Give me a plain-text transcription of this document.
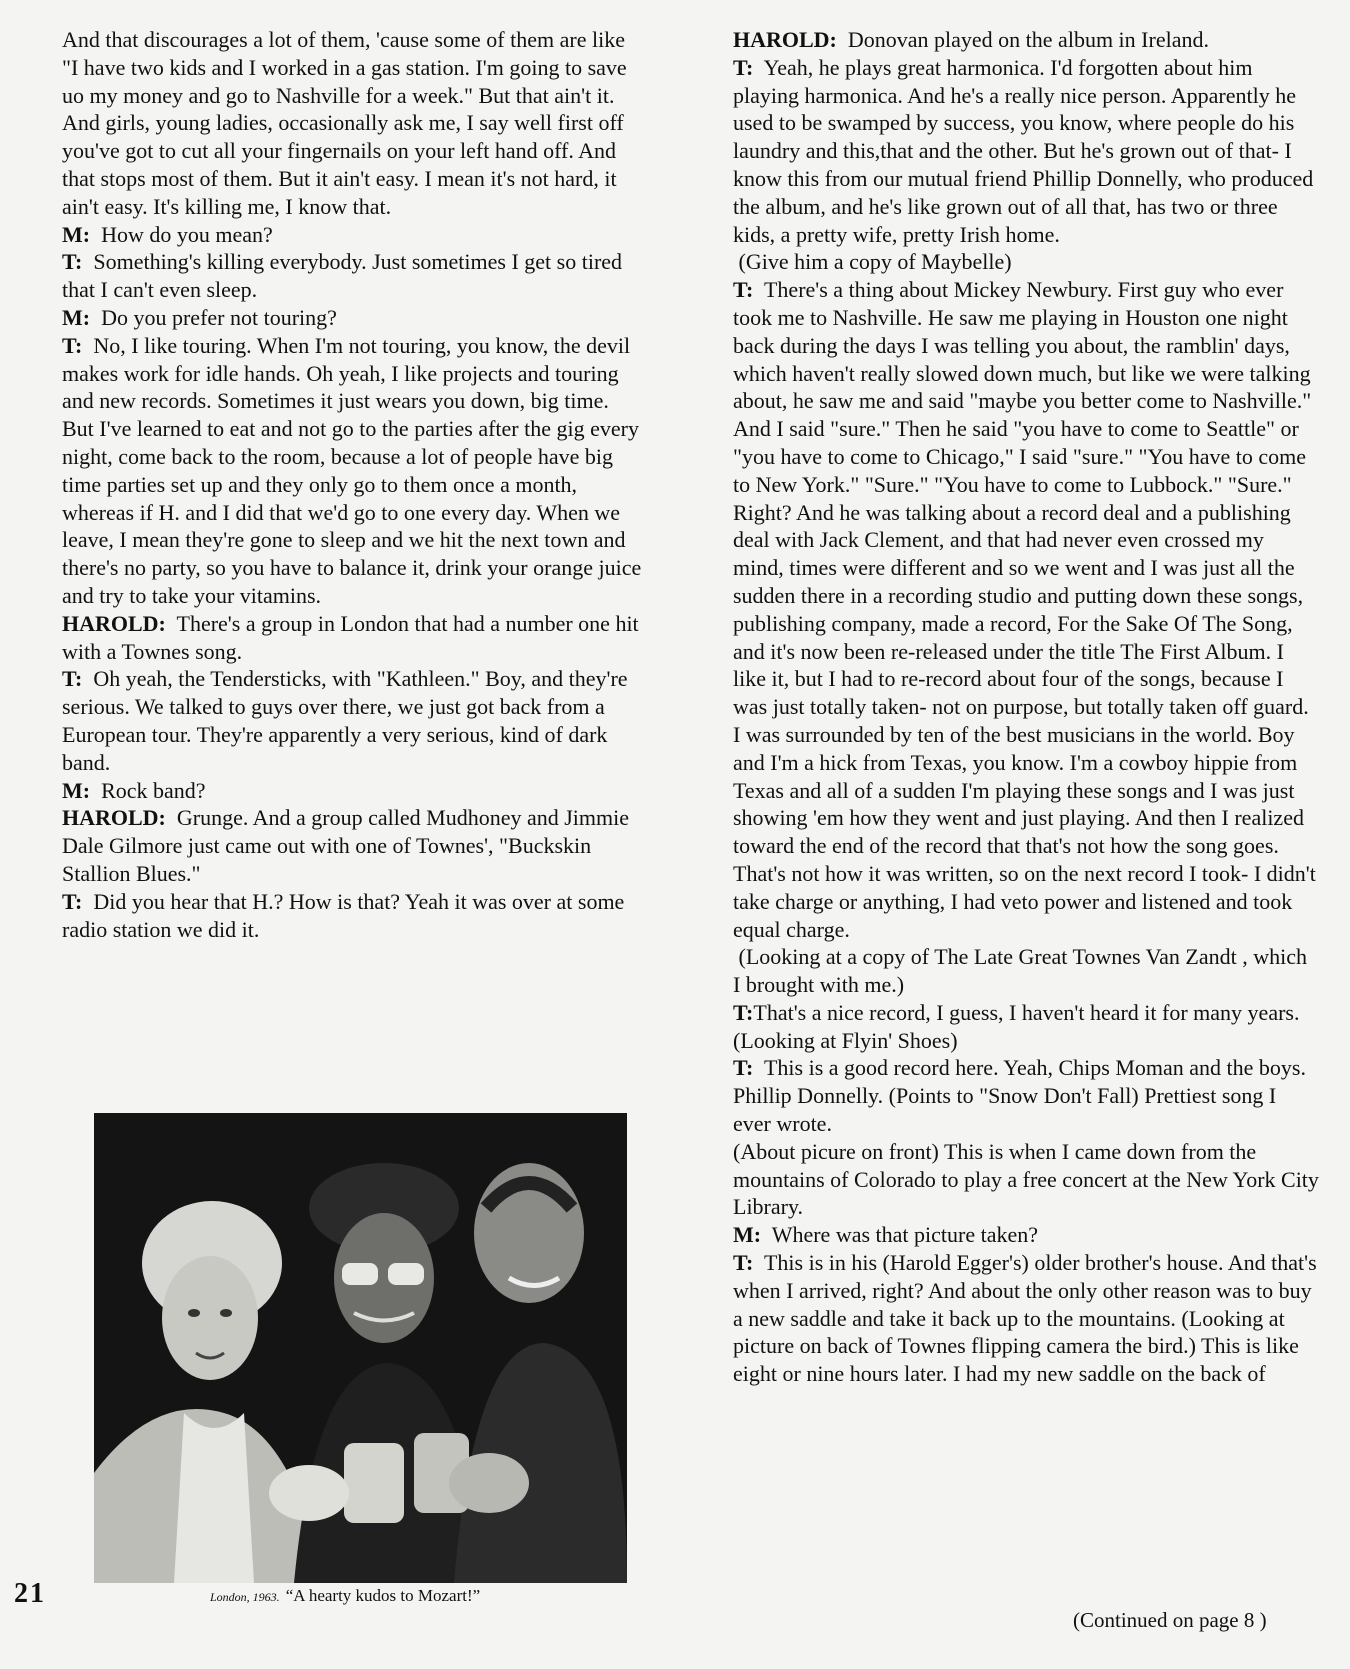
And that discourages a lot of them, 'cause some of them are like "I have two kids and I worked in a gas station. I'm going to save uo my money and go to Nashville for a week." But that ain't it. And girls, young ladies, occasionally ask me, I say well first off you've got to cut all your fingernails on your left hand off. And that stops most of them. But it ain't easy. I mean it's not hard, it ain't easy. It's killing me, I know that.

M: How do you mean?

T: Something's killing everybody. Just sometimes I get so tired that I can't even sleep.

M: Do you prefer not touring?

T: No, I like touring. When I'm not touring, you know, the devil makes work for idle hands. Oh yeah, I like projects and touring and new records. Sometimes it just wears you down, big time. But I've learned to eat and not go to the parties after the gig every night, come back to the room, because a lot of people have big time parties set up and they only go to them once a month, whereas if H. and I did that we'd go to one every day. When we leave, I mean they're gone to sleep and we hit the next town and there's no party, so you have to balance it, drink your orange juice and try to take your vitamins.

HAROLD: There's a group in London that had a number one hit with a Townes song.

T: Oh yeah, the Tendersticks, with "Kathleen." Boy, and they're serious. We talked to guys over there, we just got back from a European tour. They're apparently a very serious, kind of dark band.

M: Rock band?

HAROLD: Grunge. And a group called Mudhoney and Jimmie Dale Gilmore just came out with one of Townes', "Buckskin Stallion Blues."

T: Did you hear that H.? How is that? Yeah it was over at some radio station we did it.

London, 1963. “A hearty kudos to Mozart!”
21

HAROLD: Donovan played on the album in Ireland.

T: Yeah, he plays great harmonica. I'd forgotten about him playing harmonica. And he's a really nice person. Apparently he used to be swamped by success, you know, where people do his laundry and this,that and the other. But he's grown out of that- I know this from our mutual friend Phillip Donnelly, who produced the album, and he's like grown out of all that, has two or three kids, a pretty wife, pretty Irish home.

(Give him a copy of Maybelle)

T: There's a thing about Mickey Newbury. First guy who ever took me to Nashville. He saw me playing in Houston one night back during the days I was telling you about, the ramblin' days, which haven't really slowed down much, but like we were talking about, he saw me and said "maybe you better come to Nashville." And I said "sure." Then he said "you have to come to Seattle" or "you have to come to Chicago," I said "sure." "You have to come to New York." "Sure." "You have to come to Lubbock." "Sure." Right? And he was talking about a record deal and a publishing deal with Jack Clement, and that had never even crossed my mind, times were different and so we went and I was just all the sudden there in a recording studio and putting down these songs, publishing company, made a record, For the Sake Of The Song, and it's now been re-released under the title The First Album. I like it, but I had to re-record about four of the songs, because I was just totally taken- not on purpose, but totally taken off guard. I was surrounded by ten of the best musicians in the world. Boy and I'm a hick from Texas, you know. I'm a cowboy hippie from Texas and all of a sudden I'm playing these songs and I was just showing 'em how they went and just playing. And then I realized toward the end of the record that that's not how the song goes. That's not how it was written, so on the next record I took- I didn't take charge or anything, I had veto power and listened and took equal charge.

(Looking at a copy of The Late Great Townes Van Zandt , which I brought with me.)

T:That's a nice record, I guess, I haven't heard it for many years.

(Looking at Flyin' Shoes)

T: This is a good record here. Yeah, Chips Moman and the boys. Phillip Donnelly. (Points to "Snow Don't Fall) Prettiest song I ever wrote.

(About picure on front) This is when I came down from the mountains of Colorado to play a free concert at the New York City Library.

M: Where was that picture taken?

T: This is in his (Harold Egger's) older brother's house. And that's when I arrived, right? And about the only other reason was to buy a new saddle and take it back up to the mountains. (Looking at picture on back of Townes flipping camera the bird.) This is like eight or nine hours later. I had my new saddle on the back of

(Continued on page 8 )
